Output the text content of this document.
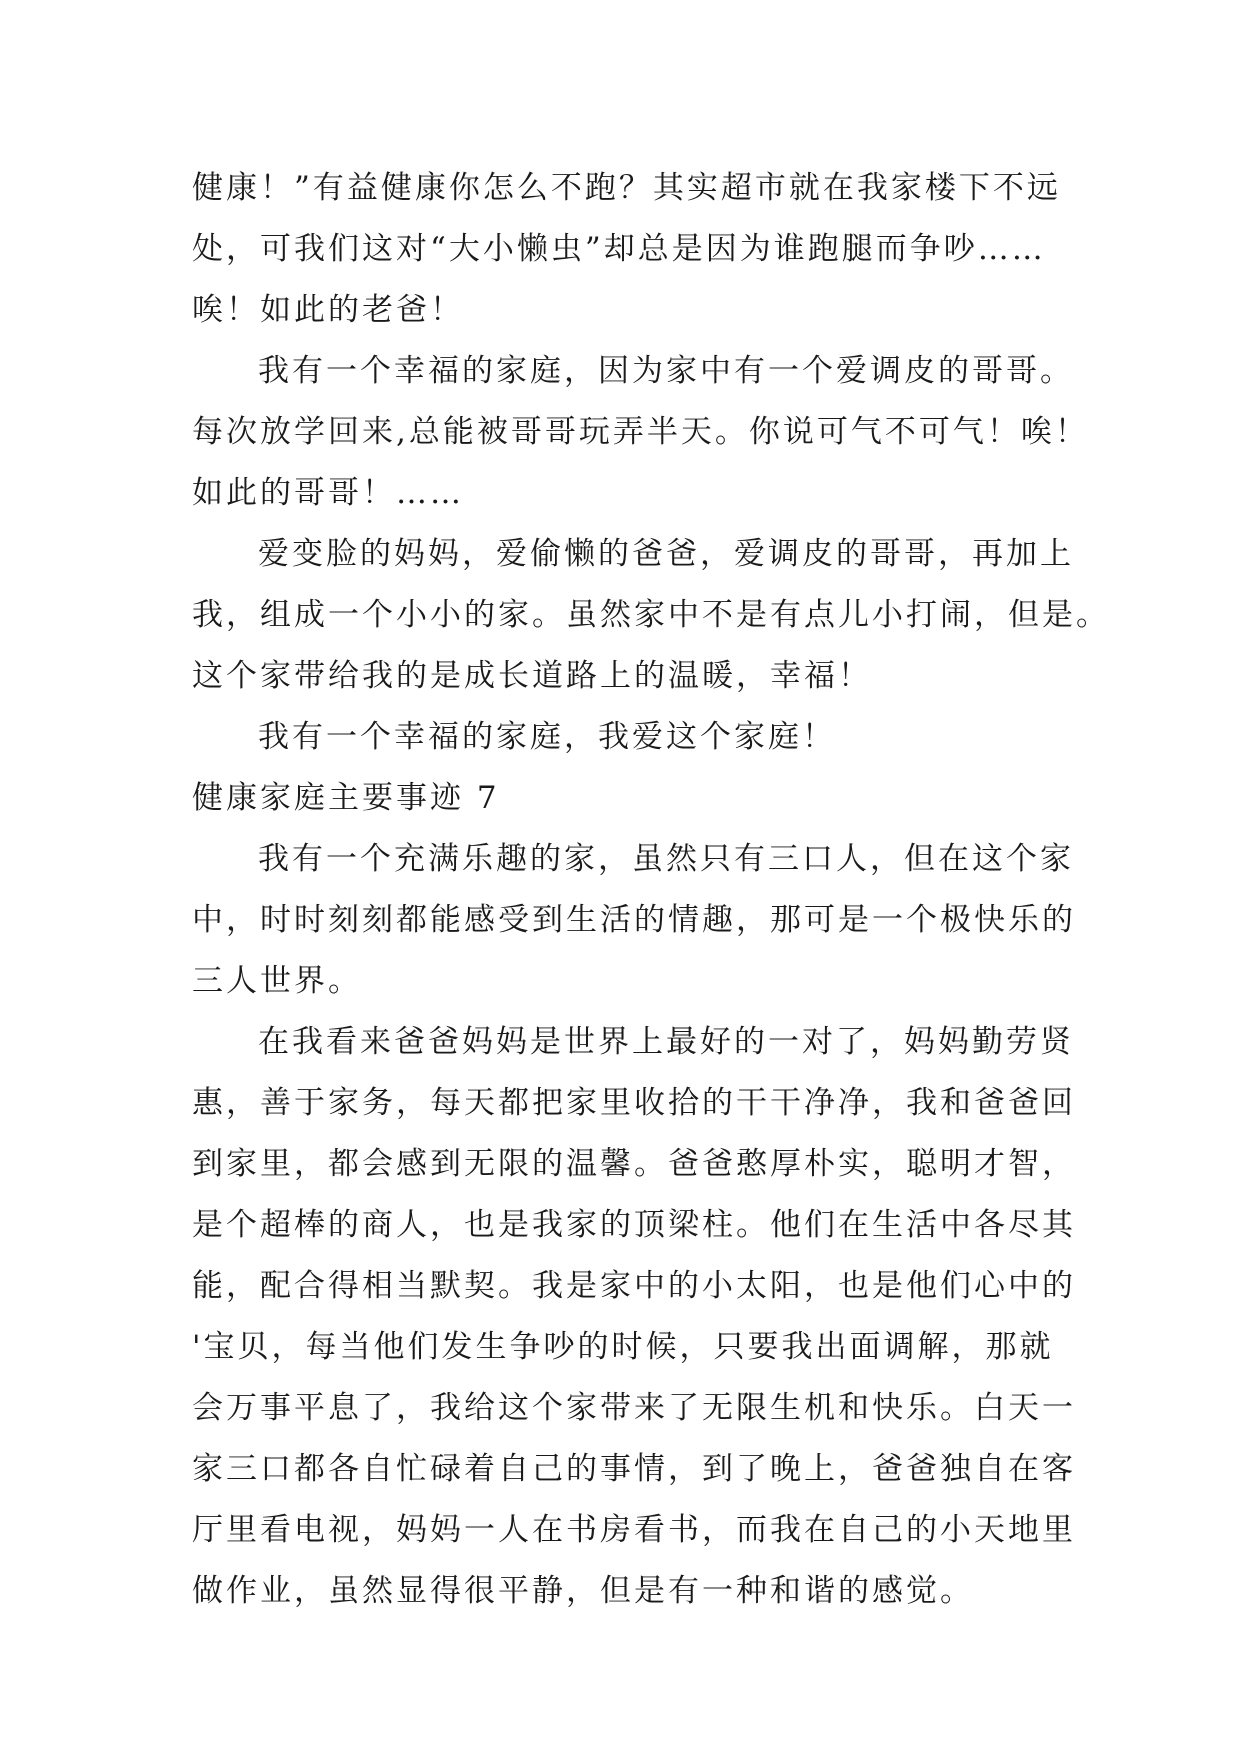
健康！”有益健康你怎么不跑？其实超市就在我家楼下不远
处，可我们这对“大小懒虫”却总是因为谁跑腿而争吵……
唉！如此的老爸！
我有一个幸福的家庭，因为家中有一个爱调皮的哥哥。
每次放学回来,总能被哥哥玩弄半天。你说可气不可气！唉！
如此的哥哥！……
爱变脸的妈妈，爱偷懒的爸爸，爱调皮的哥哥，再加上
我，组成一个小小的家。虽然家中不是有点儿小打闹，但是。
这个家带给我的是成长道路上的温暖，幸福！
我有一个幸福的家庭，我爱这个家庭！
健康家庭主要事迹 7
我有一个充满乐趣的家，虽然只有三口人，但在这个家
中，时时刻刻都能感受到生活的情趣，那可是一个极快乐的
三人世界。
在我看来爸爸妈妈是世界上最好的一对了，妈妈勤劳贤
惠，善于家务，每天都把家里收拾的干干净净，我和爸爸回
到家里，都会感到无限的温馨。爸爸憨厚朴实，聪明才智，
是个超棒的商人，也是我家的顶梁柱。他们在生活中各尽其
能，配合得相当默契。我是家中的小太阳，也是他们心中的
'宝贝，每当他们发生争吵的时候，只要我出面调解，那就
会万事平息了，我给这个家带来了无限生机和快乐。白天一
家三口都各自忙碌着自己的事情，到了晚上，爸爸独自在客
厅里看电视，妈妈一人在书房看书，而我在自己的小天地里
做作业，虽然显得很平静，但是有一种和谐的感觉。
